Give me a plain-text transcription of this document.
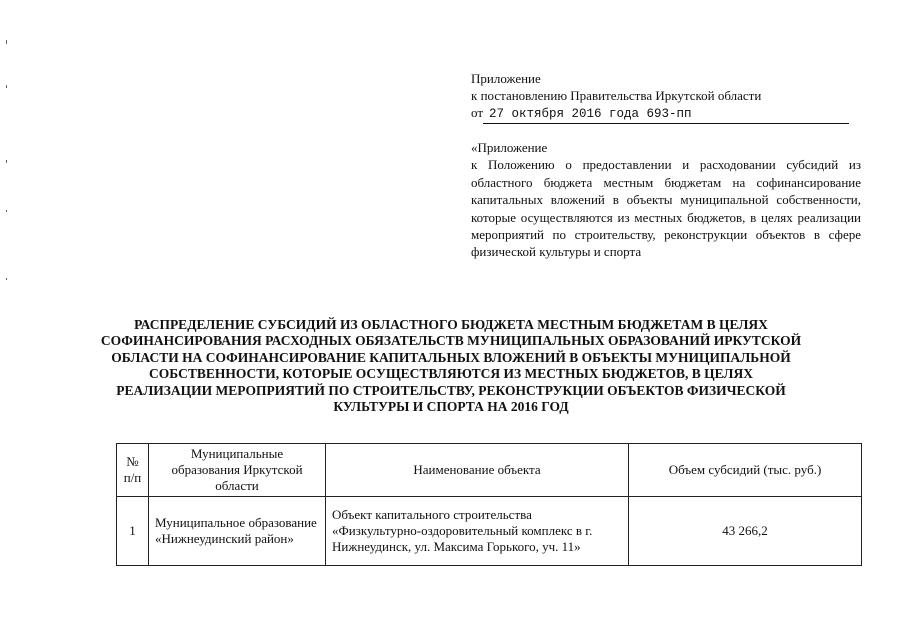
Приложение
к постановлению Правительства Иркутской области
от 27 октября 2016 года 693-пп
«Приложение
к Положению о предоставлении и расходовании субсидий из областного бюджета местным бюджетам на софинансирование капитальных вложений в объекты муниципальной собственности, которые осуществляются из местных бюджетов, в целях реализации мероприятий по строительству, реконструкции объектов в сфере физической культуры и спорта
РАСПРЕДЕЛЕНИЕ СУБСИДИЙ ИЗ ОБЛАСТНОГО БЮДЖЕТА МЕСТНЫМ БЮДЖЕТАМ В ЦЕЛЯХ СОФИНАНСИРОВАНИЯ РАСХОДНЫХ ОБЯЗАТЕЛЬСТВ МУНИЦИПАЛЬНЫХ ОБРАЗОВАНИЙ ИРКУТСКОЙ ОБЛАСТИ НА СОФИНАНСИРОВАНИЕ КАПИТАЛЬНЫХ ВЛОЖЕНИЙ В ОБЪЕКТЫ МУНИЦИПАЛЬНОЙ СОБСТВЕННОСТИ, КОТОРЫЕ ОСУЩЕСТВЛЯЮТСЯ ИЗ МЕСТНЫХ БЮДЖЕТОВ, В ЦЕЛЯХ РЕАЛИЗАЦИИ МЕРОПРИЯТИЙ ПО СТРОИТЕЛЬСТВУ, РЕКОНСТРУКЦИИ ОБЪЕКТОВ ФИЗИЧЕСКОЙ КУЛЬТУРЫ И СПОРТА НА 2016 ГОД
№ п/п	Муниципальные образования Иркутской области	Наименование объекта	Объем субсидий (тыс. руб.)
1	Муниципальное образование «Нижнеудинский район»	Объект капитального строительства «Физкультурно-оздоровительный комплекс в г. Нижнеудинск, ул. Максима Горького, уч. 11»	43 266,2
